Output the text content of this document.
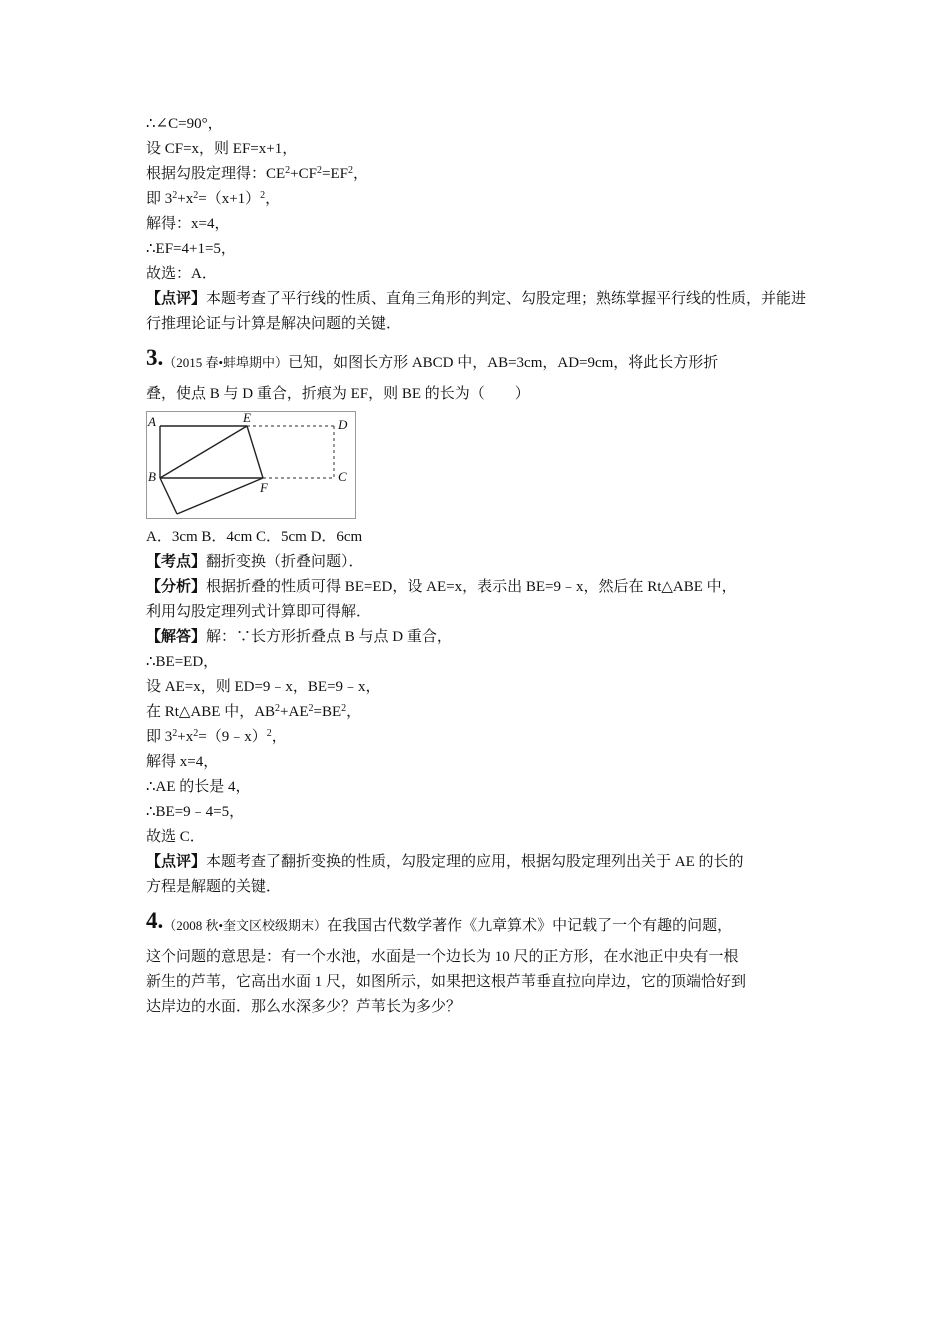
∴∠C=90°，
设 CF=x，则 EF=x+1，
根据勾股定理得：$CE^2+CF^2=EF^2$，
即 $3^2+x^2=(x+1)^2$，
解得：x=4，
∴EF=4+1=5，
故选：A．
【点评】本题考查了平行线的性质、直角三角形的判定、勾股定理；熟练掌握平行线的性质，并能进行推理论证与计算是解决问题的关键．
3.（2015 春•蚌埠期中）已知，如图长方形 ABCD 中，AB=3cm，AD=9cm，将此长方形折
叠，使点 B 与 D 重合，折痕为 EF，则 BE 的长为（　　）
A	E	D
B
F
C
A．3cm B．4cm C．5cm D．6cm
【考点】翻折变换（折叠问题）．
【分析】根据折叠的性质可得 BE=ED，设 AE=x，表示出 BE=9﹣x，然后在 Rt△ABE 中，
利用勾股定理列式计算即可得解．
【解答】解：∵长方形折叠点 B 与点 D 重合，
∴BE=ED，
设 AE=x，则 ED=9﹣x，BE=9﹣x，
在 Rt△ABE 中，$AB^2+AE^2=BE^2$，
即 $3^2+x^2=(9﹣x)^2$，
解得 x=4，
∴AE 的长是 4，
∴BE=9﹣4=5，
故选 C．
【点评】本题考查了翻折变换的性质，勾股定理的应用，根据勾股定理列出关于 AE 的长的
方程是解题的关键．
4.（2008 秋•奎文区校级期末）在我国古代数学著作《九章算术》中记载了一个有趣的问题，
这个问题的意思是：有一个水池，水面是一个边长为 10 尺的正方形，在水池正中央有一根
新生的芦苇，它高出水面 1 尺，如图所示，如果把这根芦苇垂直拉向岸边，它的顶端恰好到
达岸边的水面．那么水深多少？芦苇长为多少？
